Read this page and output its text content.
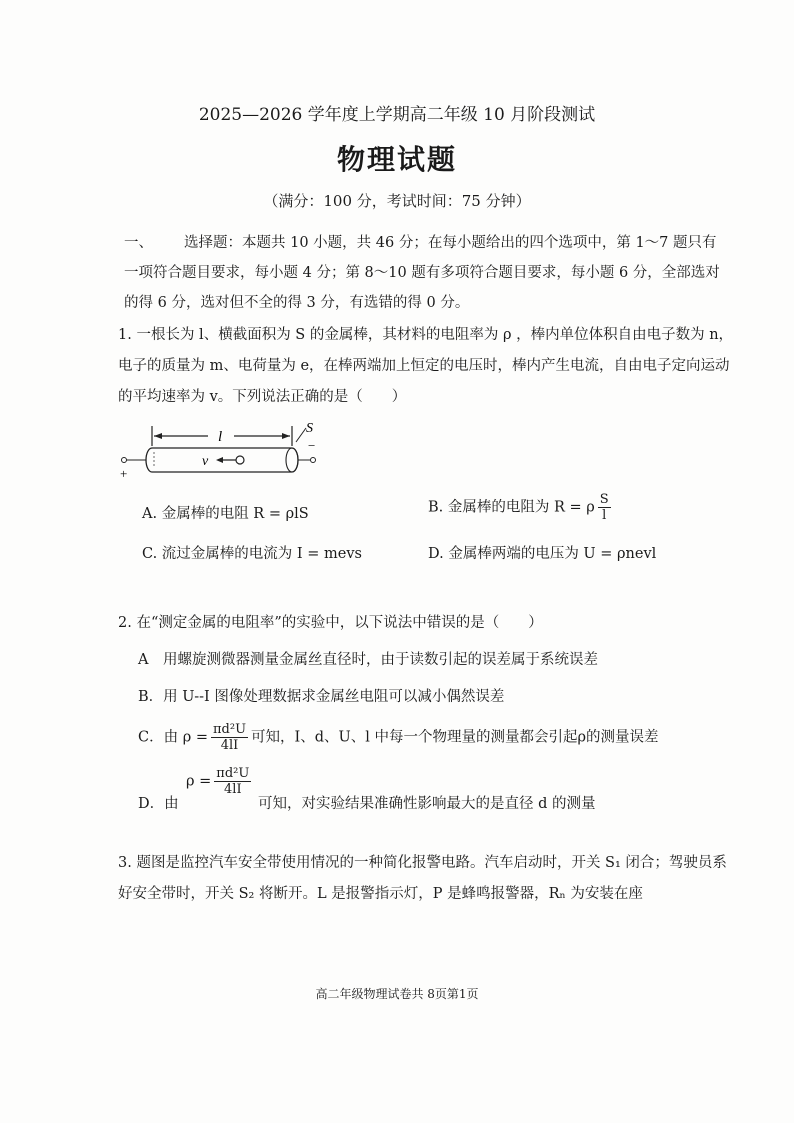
2025—2026 学年度上学期高二年级 10 月阶段测试
物理试题
（满分：100 分，考试时间：75 分钟）
一、	选择题：本题共 10 小题，共 46 分；在每小题给出的四个选项中，第 1～7 题只有一项符合题目要求，每小题 4 分；第 8～10 题有多项符合题目要求，每小题 6 分，全部选对的得 6 分，选对但不全的得 3 分，有选错的得 0 分。

1. 一根长为 l、横截面积为 S 的金属棒，其材料的电阻率为 ρ ，棒内单位体积自由电子数为 n，电子的质量为 m、电荷量为 e，在棒两端加上恒定的电压时，棒内产生电流，自由电子定向运动的平均速率为 v。下列说法正确的是（　　）
l
S
v
+
−
A. 金属棒的电阻 R = ρlS	B. 金属棒的电阻为 R = ρ $\frac{S}{l}$
C. 流过金属棒的电流为 I = mevs	D. 金属棒两端的电压为 U = ρnevl
2. 在“测定金属的电阻率”的实验中，以下说法中错误的是（　　）
A　用螺旋测微器测量金属丝直径时，由于读数引起的误差属于系统误差
B．用 U--I 图像处理数据求金属丝电阻可以减小偶然误差
C．由 $\rho = \frac{\text{πd²U}}{4lI}$ 可知，I、d、U、l 中每一个物理量的测量都会引起ρ的测量误差
$\rho = \frac{\text{πd²U}}{4lI}$
D．由	可知，对实验结果准确性影响最大的是直径 d 的测量
3. 题图是监控汽车安全带使用情况的一种简化报警电路。汽车启动时，开关 S₁ 闭合；驾驶员系好安全带时，开关 S₂ 将断开。L 是报警指示灯，P 是蜂鸣报警器，Rₙ 为安装在座
高二年级物理试卷共 8页第1页
